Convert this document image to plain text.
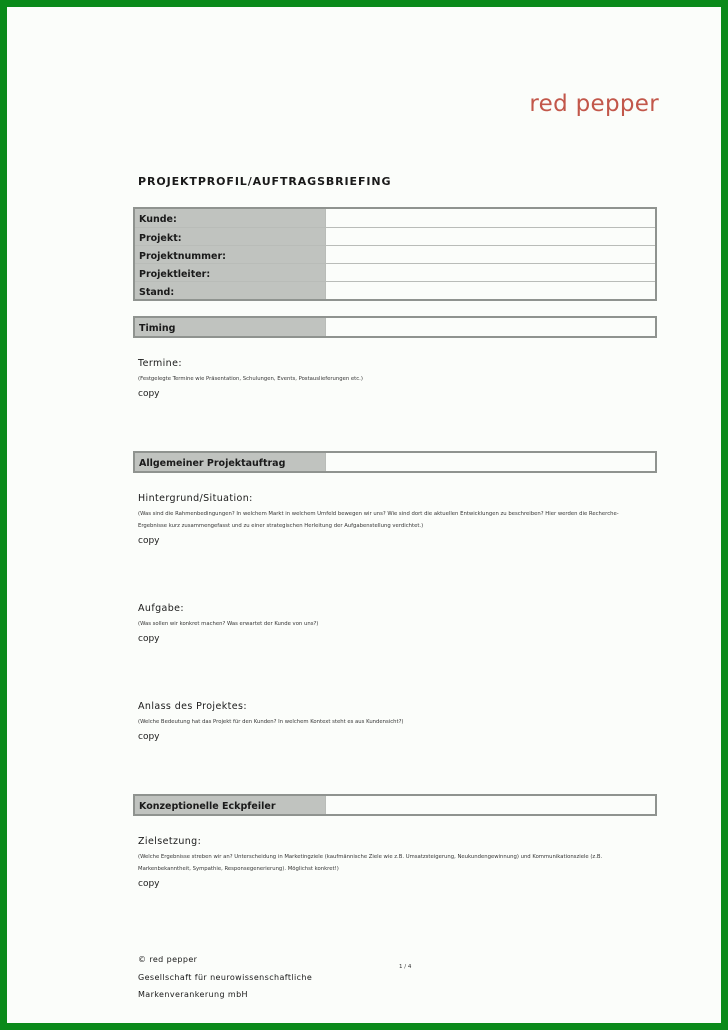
red pepper
PROJEKTPROFIL/AUFTRAGSBRIEFING
Kunde:
Projekt:
Projektnummer:
Projektleiter:
Stand:
Timing
Termine:
(Festgelegte Termine wie Präsentation, Schulungen, Events, Postauslieferungen etc.)
copy
Allgemeiner Projektauftrag
Hintergrund/Situation:
(Was sind die Rahmenbedingungen? In welchem Markt in welchem Umfeld bewegen wir uns? Wie sind dort die aktuellen Entwicklungen zu beschreiben? Hier werden die Recherche-
Ergebnisse kurz zusammengefasst und zu einer strategischen Herleitung der Aufgabenstellung verdichtet.)
copy
Aufgabe:
(Was sollen wir konkret machen? Was erwartet der Kunde von uns?)
copy
Anlass des Projektes:
(Welche Bedeutung hat das Projekt für den Kunden? In welchem Kontext steht es aus Kundensicht?)
copy
Konzeptionelle Eckpfeiler
Zielsetzung:
(Welche Ergebnisse streben wir an? Unterscheidung in Marketingziele (kaufmännische Ziele wie z.B. Umsatzsteigerung, Neukundengewinnung) und Kommunikationsziele (z.B.
Markenbekanntheit, Sympathie, Responsegenerierung). Möglichst konkret!)
copy
© red pepper
Gesellschaft für neurowissenschaftliche
Markenverankerung mbH
1 / 4
